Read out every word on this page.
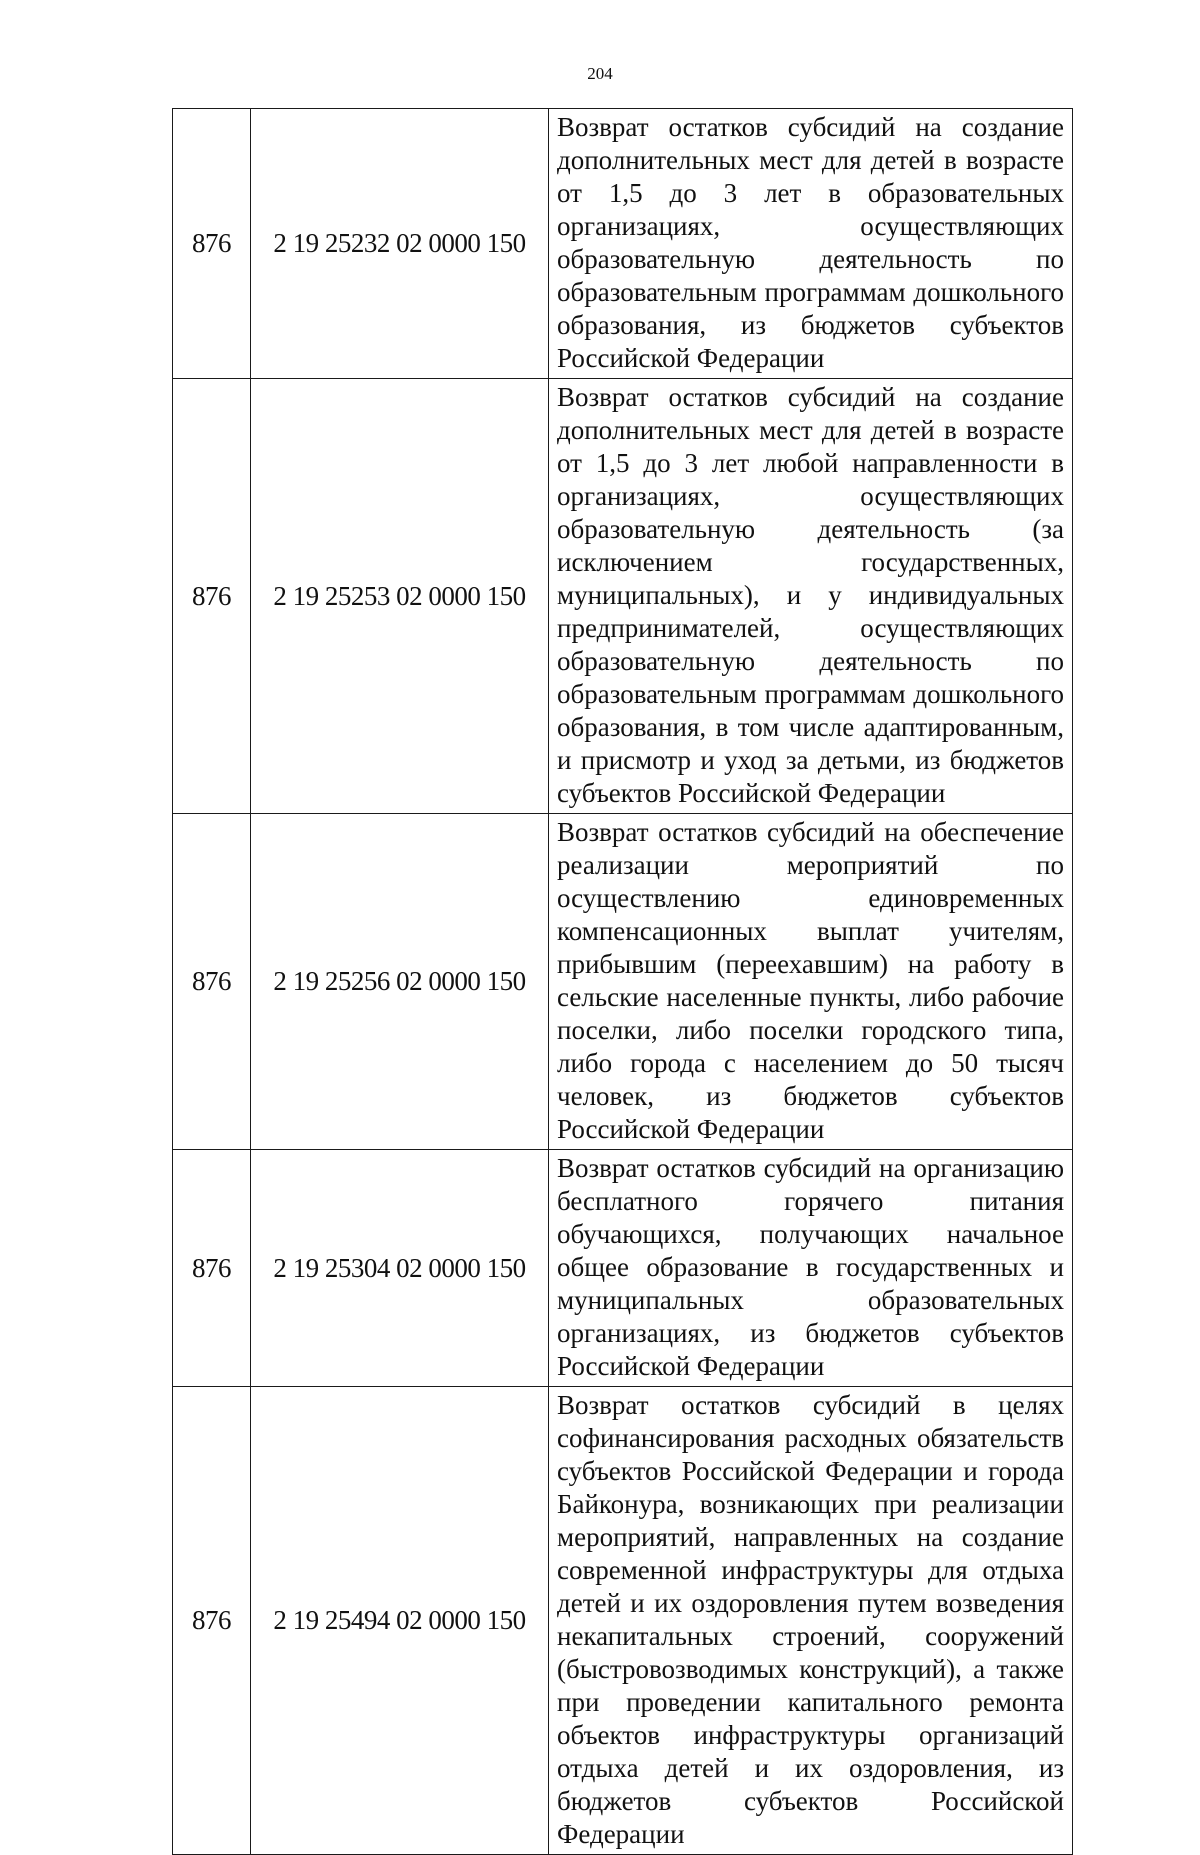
204
876	2 19 25232 02 0000 150	Возврат остатков субсидий на создание дополнительных мест для детей в возрасте от 1,5 до 3 лет в образовательных организациях, осуществляющих образовательную деятельность по образовательным программам дошкольного образования, из бюджетов субъектов Российской Федерации
876	2 19 25253 02 0000 150	Возврат остатков субсидий на создание дополнительных мест для детей в возрасте от 1,5 до 3 лет любой направленности в организациях, осуществляющих образовательную деятельность (за исключением государственных, муниципальных), и у индивидуальных предпринимателей, осуществляющих образовательную деятельность по образовательным программам дошкольного образования, в том числе адаптированным, и присмотр и уход за детьми, из бюджетов субъектов Российской Федерации
876	2 19 25256 02 0000 150	Возврат остатков субсидий на обеспечение реализации мероприятий по осуществлению единовременных компенсационных выплат учителям, прибывшим (переехавшим) на работу в сельские населенные пункты, либо рабочие поселки, либо поселки городского типа, либо города с населением до 50 тысяч человек, из бюджетов субъектов Российской Федерации
876	2 19 25304 02 0000 150	Возврат остатков субсидий на организацию бесплатного горячего питания обучающихся, получающих начальное общее образование в государственных и муниципальных образовательных организациях, из бюджетов субъектов Российской Федерации
876	2 19 25494 02 0000 150	Возврат остатков субсидий в целях софинансирования расходных обязательств субъектов Российской Федерации и города Байконура, возникающих при реализации мероприятий, направленных на создание современной инфраструктуры для отдыха детей и их оздоровления путем возведения некапитальных строений, сооружений (быстровозводимых конструкций), а также при проведении капитального ремонта объектов инфраструктуры организаций отдыха детей и их оздоровления, из бюджетов субъектов Российской Федерации
